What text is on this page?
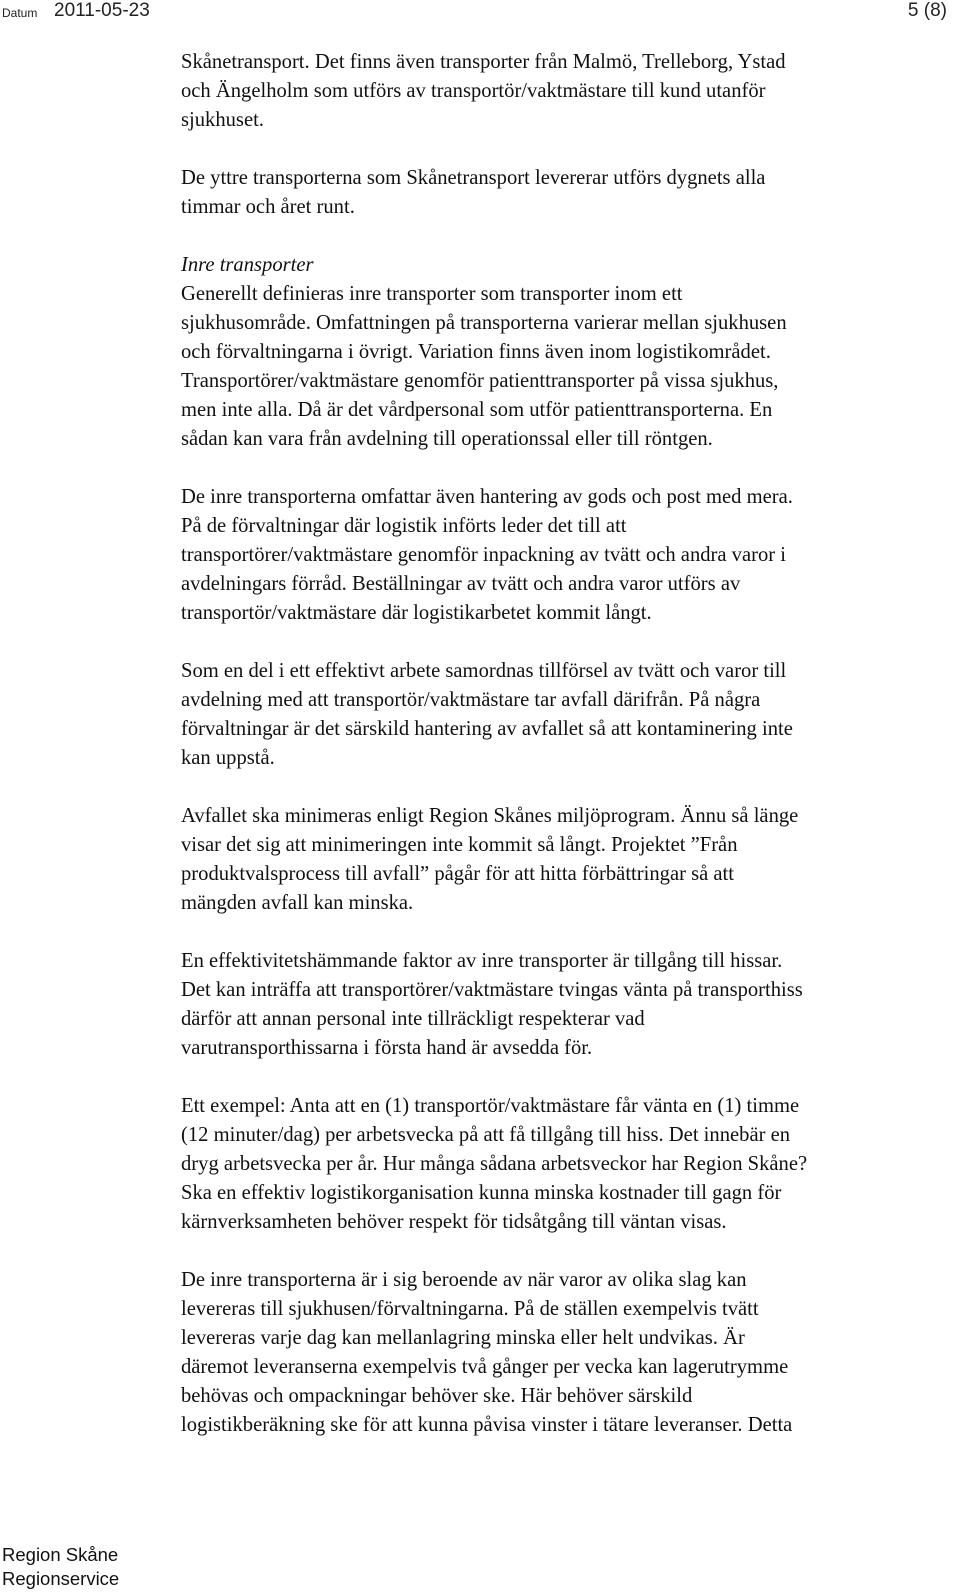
Datum 2011-05-23	5 (8)

Skånetransport. Det finns även transporter från Malmö, Trelleborg, Ystad
och Ängelholm som utförs av transportör/vaktmästare till kund utanför
sjukhuset.

De yttre transporterna som Skånetransport levererar utförs dygnets alla
timmar och året runt.

Inre transporter

Generellt definieras inre transporter som transporter inom ett
sjukhusområde. Omfattningen på transporterna varierar mellan sjukhusen
och förvaltningarna i övrigt. Variation finns även inom logistikområdet.
Transportörer/vaktmästare genomför patienttransporter på vissa sjukhus,
men inte alla. Då är det vårdpersonal som utför patienttransporterna. En
sådan kan vara från avdelning till operationssal eller till röntgen.

De inre transporterna omfattar även hantering av gods och post med mera.
På de förvaltningar där logistik införts leder det till att
transportörer/vaktmästare genomför inpackning av tvätt och andra varor i
avdelningars förråd. Beställningar av tvätt och andra varor utförs av
transportör/vaktmästare där logistikarbetet kommit långt.

Som en del i ett effektivt arbete samordnas tillförsel av tvätt och varor till
avdelning med att transportör/vaktmästare tar avfall därifrån. På några
förvaltningar är det särskild hantering av avfallet så att kontaminering inte
kan uppstå.

Avfallet ska minimeras enligt Region Skånes miljöprogram. Ännu så länge
visar det sig att minimeringen inte kommit så långt. Projektet ”Från
produktvalsprocess till avfall” pågår för att hitta förbättringar så att
mängden avfall kan minska.

En effektivitetshämmande faktor av inre transporter är tillgång till hissar.
Det kan inträffa att transportörer/vaktmästare tvingas vänta på transporthiss
därför att annan personal inte tillräckligt respekterar vad
varutransporthissarna i första hand är avsedda för.

Ett exempel: Anta att en (1) transportör/vaktmästare får vänta en (1) timme
(12 minuter/dag) per arbetsvecka på att få tillgång till hiss. Det innebär en
dryg arbetsvecka per år. Hur många sådana arbetsveckor har Region Skåne?
Ska en effektiv logistikorganisation kunna minska kostnader till gagn för
kärnverksamheten behöver respekt för tidsåtgång till väntan visas.

De inre transporterna är i sig beroende av när varor av olika slag kan
levereras till sjukhusen/förvaltningarna. På de ställen exempelvis tvätt
levereras varje dag kan mellanlagring minska eller helt undvikas. Är
däremot leveranserna exempelvis två gånger per vecka kan lagerutrymme
behövas och ompackningar behöver ske. Här behöver särskild
logistikberäkning ske för att kunna påvisa vinster i tätare leveranser. Detta

Region Skåne
Regionservice
